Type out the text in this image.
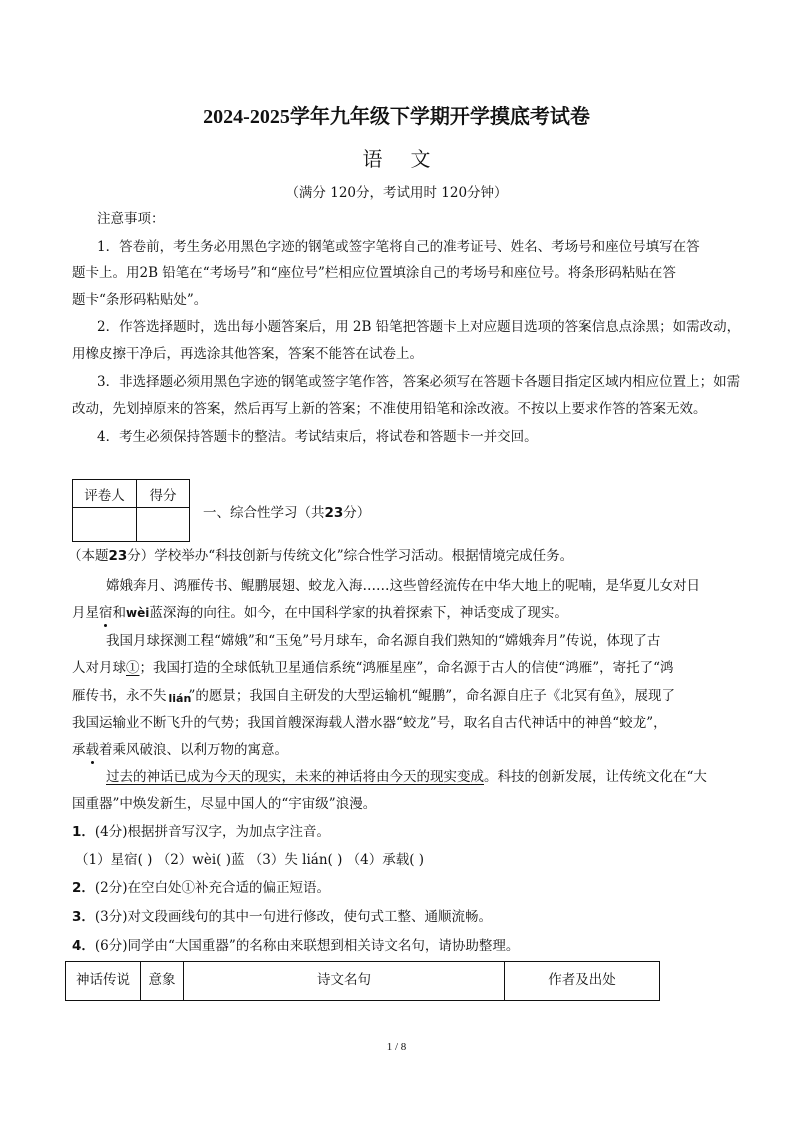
2024-2025学年九年级下学期开学摸底考试卷
语 文
（满分 120分，考试用时 120分钟）
注意事项：
1．答卷前，考生务必用黑色字迹的钢笔或签字笔将自己的准考证号、姓名、考场号和座位号填写在答
题卡上。用2B 铅笔在“考场号”和“座位号”栏相应位置填涂自己的考场号和座位号。将条形码粘贴在答
题卡“条形码粘贴处”。
2．作答选择题时，选出每小题答案后，用 2B 铅笔把答题卡上对应题目选项的答案信息点涂黑；如需改动，
用橡皮擦干净后，再选涂其他答案，答案不能答在试卷上。
3．非选择题必须用黑色字迹的钢笔或签字笔作答，答案必须写在答题卡各题目指定区域内相应位置上；如需
改动，先划掉原来的答案，然后再写上新的答案；不准使用铅笔和涂改液。不按以上要求作答的答案无效。
4．考生必须保持答题卡的整洁。考试结束后，将试卷和答题卡一并交回。
评卷人	得分

一、综合性学习（共23分）
（本题23分）学校举办“科技创新与传统文化”综合性学习活动。根据情境完成任务。
嫦娥奔月、鸿雁传书、鲲鹏展翅、蛟龙入海……这些曾经流传在中华大地上的呢喃，是华夏儿女对日
月星宿和wèi蓝深海的向往。如今，在中国科学家的执着探索下，神话变成了现实。
我国月球探测工程“嫦娥”和“玉兔”号月球车，命名源自我们熟知的“嫦娥奔月”传说，体现了古
人对月球①；我国打造的全球低轨卫星通信系统“鸿雁星座”，命名源于古人的信使“鸿雁”，寄托了“鸿
雁传书，永不失 lián
”的愿景；我国自主研发的大型运输机“鲲鹏”，命名源自庄子《北冥有鱼》，展现了
我国运输业不断飞升的气势；我国首艘深海载人潜水器“蛟龙”号，取名自古代神话中的神兽“蛟龙”，
承载着乘风破浪、以利万物的寓意。
过去的神话已成为今天的现实，未来的神话将由今天的现实变成。科技的创新发展，让传统文化在“大
国重器”中焕发新生，尽显中国人的“宇宙级”浪漫。
1．(4分)根据拼音写汉字，为加点字注音。
（1）星宿( ) （2）wèi( )蓝 （3）失 lián( ) （4）承载( )
2．(2分)在空白处①补充合适的偏正短语。
3．(3分)对文段画线句的其中一句进行修改，使句式工整、通顺流畅。
4．(6分)同学由“大国重器”的名称由来联想到相关诗文名句，请协助整理。
神话传说	意象	诗文名句	作者及出处
1 / 8
